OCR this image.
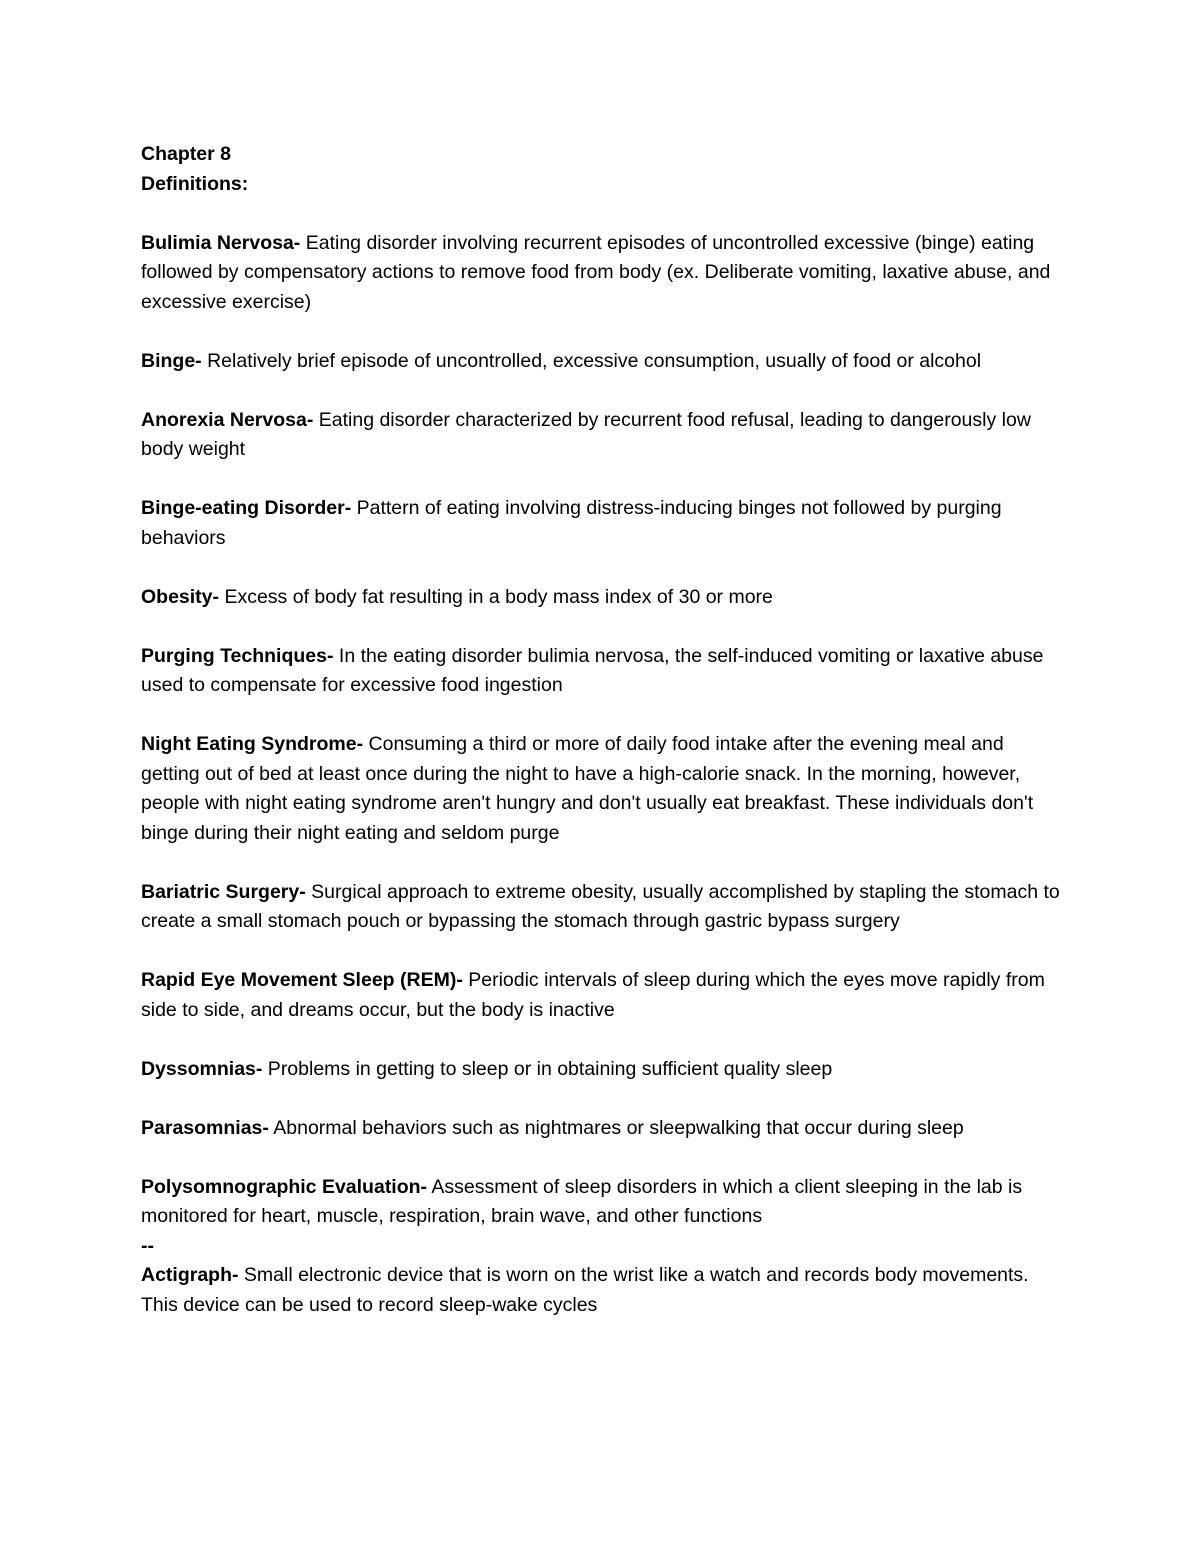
Chapter 8

Definitions:

Bulimia Nervosa- Eating disorder involving recurrent episodes of uncontrolled excessive (binge) eating followed by compensatory actions to remove food from body (ex. Deliberate vomiting, laxative abuse, and excessive exercise)

Binge- Relatively brief episode of uncontrolled, excessive consumption, usually of food or alcohol

Anorexia Nervosa- Eating disorder characterized by recurrent food refusal, leading to dangerously low body weight

Binge-eating Disorder- Pattern of eating involving distress-inducing binges not followed by purging behaviors

Obesity- Excess of body fat resulting in a body mass index of 30 or more

Purging Techniques- In the eating disorder bulimia nervosa, the self-induced vomiting or laxative abuse used to compensate for excessive food ingestion

Night Eating Syndrome- Consuming a third or more of daily food intake after the evening meal and getting out of bed at least once during the night to have a high-calorie snack. In the morning, however, people with night eating syndrome aren't hungry and don't usually eat breakfast. These individuals don't binge during their night eating and seldom purge

Bariatric Surgery- Surgical approach to extreme obesity, usually accomplished by stapling the stomach to create a small stomach pouch or bypassing the stomach through gastric bypass surgery

Rapid Eye Movement Sleep (REM)- Periodic intervals of sleep during which the eyes move rapidly from side to side, and dreams occur, but the body is inactive

Dyssomnias- Problems in getting to sleep or in obtaining sufficient quality sleep

Parasomnias- Abnormal behaviors such as nightmares or sleepwalking that occur during sleep

Polysomnographic Evaluation- Assessment of sleep disorders in which a client sleeping in the lab is monitored for heart, muscle, respiration, brain wave, and other functions

--

Actigraph- Small electronic device that is worn on the wrist like a watch and records body movements. This device can be used to record sleep-wake cycles
